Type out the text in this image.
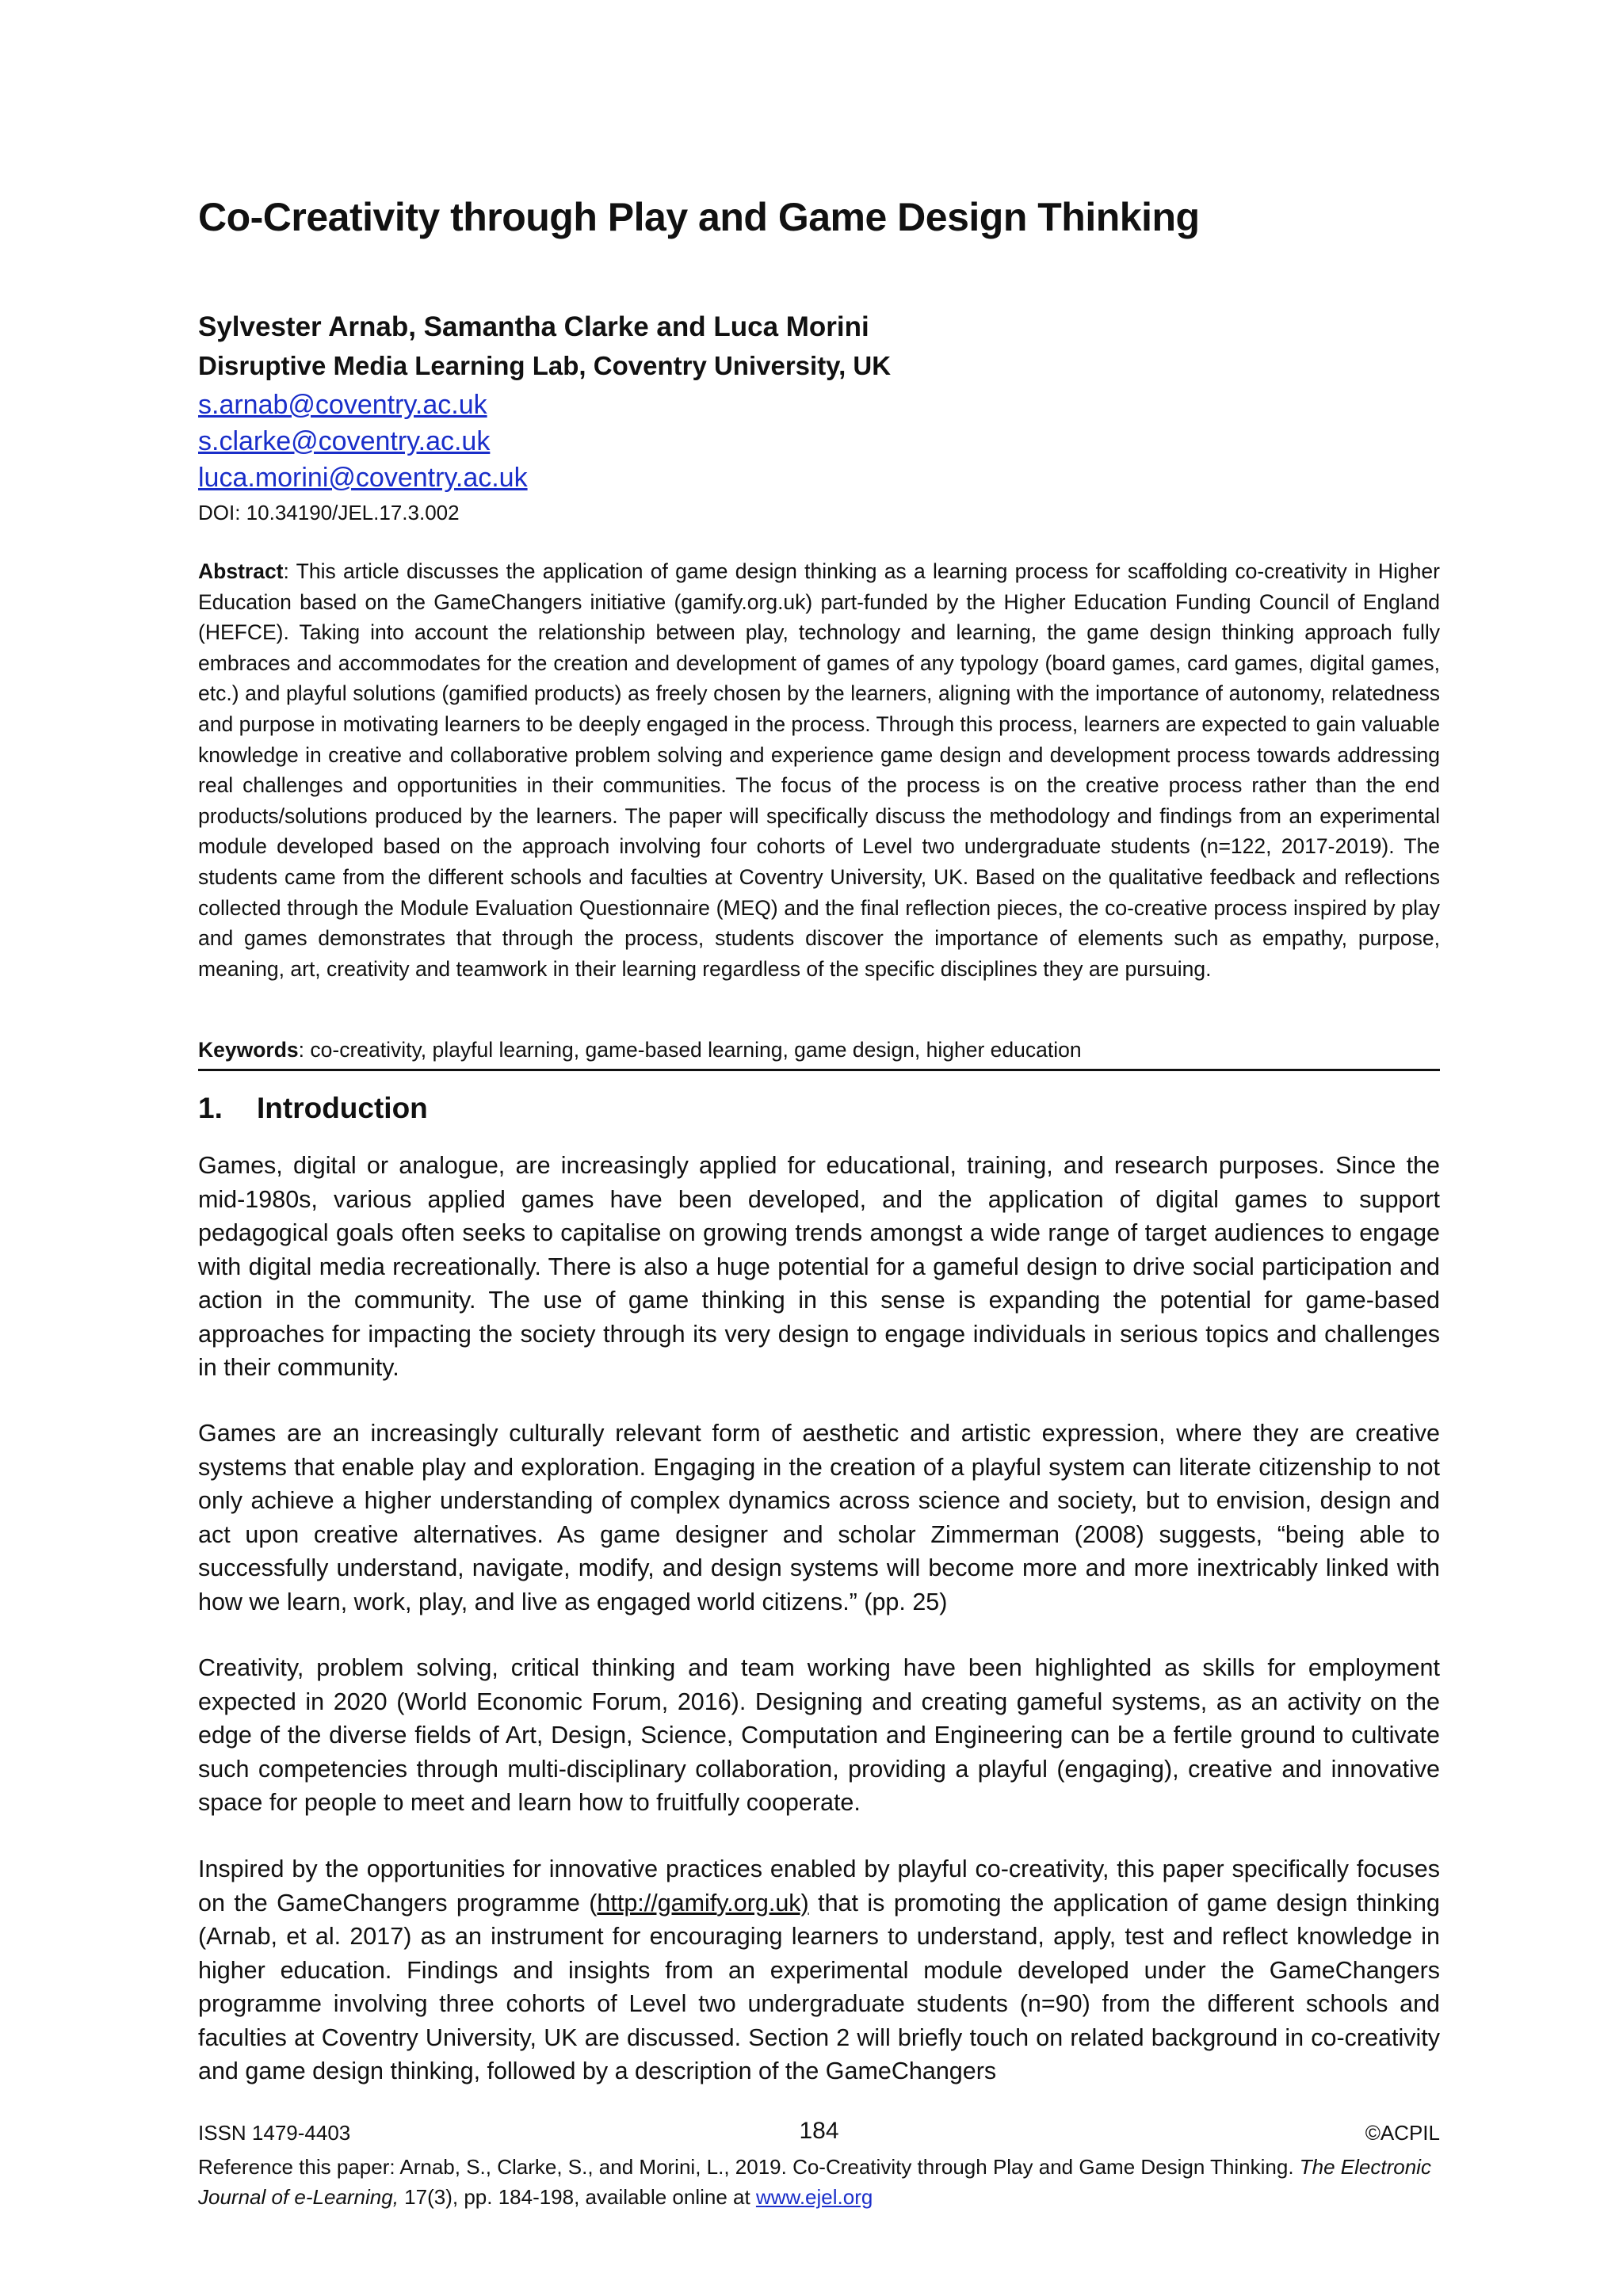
Co-Creativity through Play and Game Design Thinking

Sylvester Arnab, Samantha Clarke and Luca Morini

Disruptive Media Learning Lab, Coventry University, UK

s.arnab@coventry.ac.uk
s.clarke@coventry.ac.uk
luca.morini@coventry.ac.uk

DOI: 10.34190/JEL.17.3.002

Abstract: This article discusses the application of game design thinking as a learning process for scaffolding co-creativity in Higher Education based on the GameChangers initiative (gamify.org.uk) part-funded by the Higher Education Funding Council of England (HEFCE). Taking into account the relationship between play, technology and learning, the game design thinking approach fully embraces and accommodates for the creation and development of games of any typology (board games, card games, digital games, etc.) and playful solutions (gamified products) as freely chosen by the learners, aligning with the importance of autonomy, relatedness and purpose in motivating learners to be deeply engaged in the process. Through this process, learners are expected to gain valuable knowledge in creative and collaborative problem solving and experience game design and development process towards addressing real challenges and opportunities in their communities. The focus of the process is on the creative process rather than the end products/solutions produced by the learners. The paper will specifically discuss the methodology and findings from an experimental module developed based on the approach involving four cohorts of Level two undergraduate students (n=122, 2017-2019). The students came from the different schools and faculties at Coventry University, UK. Based on the qualitative feedback and reflections collected through the Module Evaluation Questionnaire (MEQ) and the final reflection pieces, the co-creative process inspired by play and games demonstrates that through the process, students discover the importance of elements such as empathy, purpose, meaning, art, creativity and teamwork in their learning regardless of the specific disciplines they are pursuing.

Keywords: co-creativity, playful learning, game-based learning, game design, higher education

1. Introduction

Games, digital or analogue, are increasingly applied for educational, training, and research purposes. Since the mid-1980s, various applied games have been developed, and the application of digital games to support pedagogical goals often seeks to capitalise on growing trends amongst a wide range of target audiences to engage with digital media recreationally. There is also a huge potential for a gameful design to drive social participation and action in the community. The use of game thinking in this sense is expanding the potential for game-based approaches for impacting the society through its very design to engage individuals in serious topics and challenges in their community.

Games are an increasingly culturally relevant form of aesthetic and artistic expression, where they are creative systems that enable play and exploration. Engaging in the creation of a playful system can literate citizenship to not only achieve a higher understanding of complex dynamics across science and society, but to envision, design and act upon creative alternatives. As game designer and scholar Zimmerman (2008) suggests, “being able to successfully understand, navigate, modify, and design systems will become more and more inextricably linked with how we learn, work, play, and live as engaged world citizens.” (pp. 25)

Creativity, problem solving, critical thinking and team working have been highlighted as skills for employment expected in 2020 (World Economic Forum, 2016). Designing and creating gameful systems, as an activity on the edge of the diverse fields of Art, Design, Science, Computation and Engineering can be a fertile ground to cultivate such competencies through multi-disciplinary collaboration, providing a playful (engaging), creative and innovative space for people to meet and learn how to fruitfully cooperate.

Inspired by the opportunities for innovative practices enabled by playful co-creativity, this paper specifically focuses on the GameChangers programme (http://gamify.org.uk) that is promoting the application of game design thinking (Arnab, et al. 2017) as an instrument for encouraging learners to understand, apply, test and reflect knowledge in higher education. Findings and insights from an experimental module developed under the GameChangers programme involving three cohorts of Level two undergraduate students (n=90) from the different schools and faculties at Coventry University, UK are discussed. Section 2 will briefly touch on related background in co-creativity and game design thinking, followed by a description of the GameChangers

ISSN 1479-4403	184	©ACPIL

Reference this paper: Arnab, S., Clarke, S., and Morini, L., 2019. Co-Creativity through Play and Game Design Thinking. The Electronic Journal of e-Learning, 17(3), pp. 184-198, available online at www.ejel.org
